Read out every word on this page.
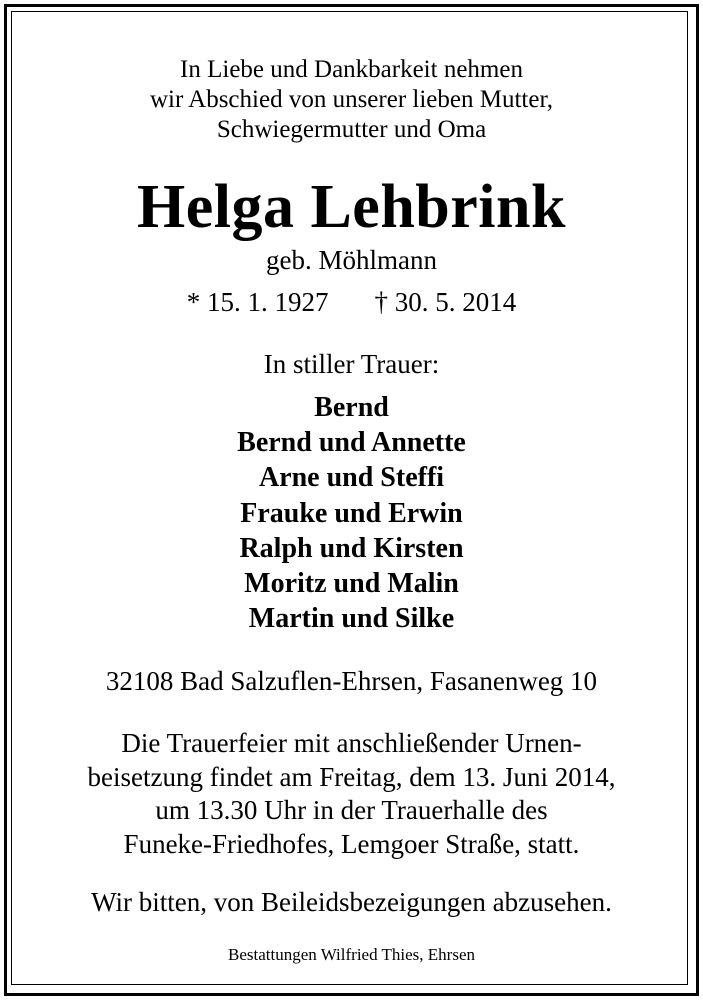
In Liebe und Dankbarkeit nehmen
wir Abschied von unserer lieben Mutter,
Schwiegermutter und Oma
Helga Lehbrink
geb. Möhlmann
* 15. 1. 1927 † 30. 5. 2014
In stiller Trauer:
Bernd
Bernd und Annette
Arne und Steffi
Frauke und Erwin
Ralph und Kirsten
Moritz und Malin
Martin und Silke
32108 Bad Salzuflen-Ehrsen, Fasanenweg 10
Die Trauerfeier mit anschließender Urnen-
beisetzung findet am Freitag, dem 13. Juni 2014,
um 13.30 Uhr in der Trauerhalle des
Funeke-Friedhofes, Lemgoer Straße, statt.
Wir bitten, von Beileidsbezeigungen abzusehen.
Bestattungen Wilfried Thies, Ehrsen
